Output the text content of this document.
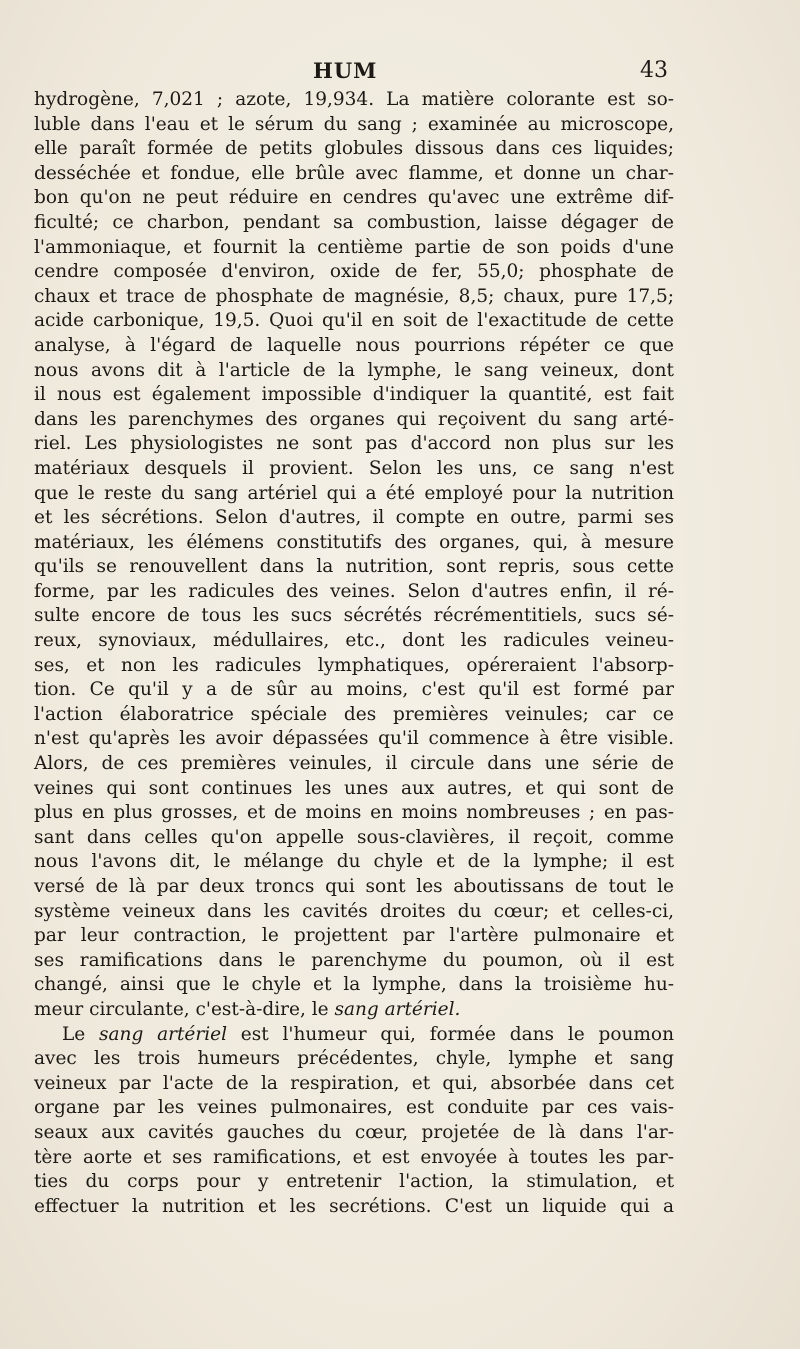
HUM	43
hydrogène, 7,021 ; azote, 19,934. La matière colorante est so-
luble dans l'eau et le sérum du sang ; examinée au microscope,
elle paraît formée de petits globules dissous dans ces liquides;
desséchée et fondue, elle brûle avec flamme, et donne un char-
bon qu'on ne peut réduire en cendres qu'avec une extrême dif-
ficulté; ce charbon, pendant sa combustion, laisse dégager de
l'ammoniaque, et fournit la centième partie de son poids d'une
cendre composée d'environ, oxide de fer, 55,0; phosphate de
chaux et trace de phosphate de magnésie, 8,5; chaux, pure 17,5;
acide carbonique, 19,5. Quoi qu'il en soit de l'exactitude de cette
analyse, à l'égard de laquelle nous pourrions répéter ce que
nous avons dit à l'article de la lymphe, le sang veineux, dont
il nous est également impossible d'indiquer la quantité, est fait
dans les parenchymes des organes qui reçoivent du sang arté-
riel. Les physiologistes ne sont pas d'accord non plus sur les
matériaux desquels il provient. Selon les uns, ce sang n'est
que le reste du sang artériel qui a été employé pour la nutrition
et les sécrétions. Selon d'autres, il compte en outre, parmi ses
matériaux, les élémens constitutifs des organes, qui, à mesure
qu'ils se renouvellent dans la nutrition, sont repris, sous cette
forme, par les radicules des veines. Selon d'autres enfin, il ré-
sulte encore de tous les sucs sécrétés récrémentitiels, sucs sé-
reux, synoviaux, médullaires, etc., dont les radicules veineu-
ses, et non les radicules lymphatiques, opéreraient l'absorp-
tion. Ce qu'il y a de sûr au moins, c'est qu'il est formé par
l'action élaboratrice spéciale des premières veinules; car ce
n'est qu'après les avoir dépassées qu'il commence à être visible.
Alors, de ces premières veinules, il circule dans une série de
veines qui sont continues les unes aux autres, et qui sont de
plus en plus grosses, et de moins en moins nombreuses ; en pas-
sant dans celles qu'on appelle sous-clavières, il reçoit, comme
nous l'avons dit, le mélange du chyle et de la lymphe; il est
versé de là par deux troncs qui sont les aboutissans de tout le
système veineux dans les cavités droites du cœur; et celles-ci,
par leur contraction, le projettent par l'artère pulmonaire et
ses ramifications dans le parenchyme du poumon, où il est
changé, ainsi que le chyle et la lymphe, dans la troisième hu-
meur circulante, c'est-à-dire, le sang artériel.
Le sang artériel est l'humeur qui, formée dans le poumon
avec les trois humeurs précédentes, chyle, lymphe et sang
veineux par l'acte de la respiration, et qui, absorbée dans cet
organe par les veines pulmonaires, est conduite par ces vais-
seaux aux cavités gauches du cœur, projetée de là dans l'ar-
tère aorte et ses ramifications, et est envoyée à toutes les par-
ties du corps pour y entretenir l'action, la stimulation, et
effectuer la nutrition et les secrétions. C'est un liquide qui a
